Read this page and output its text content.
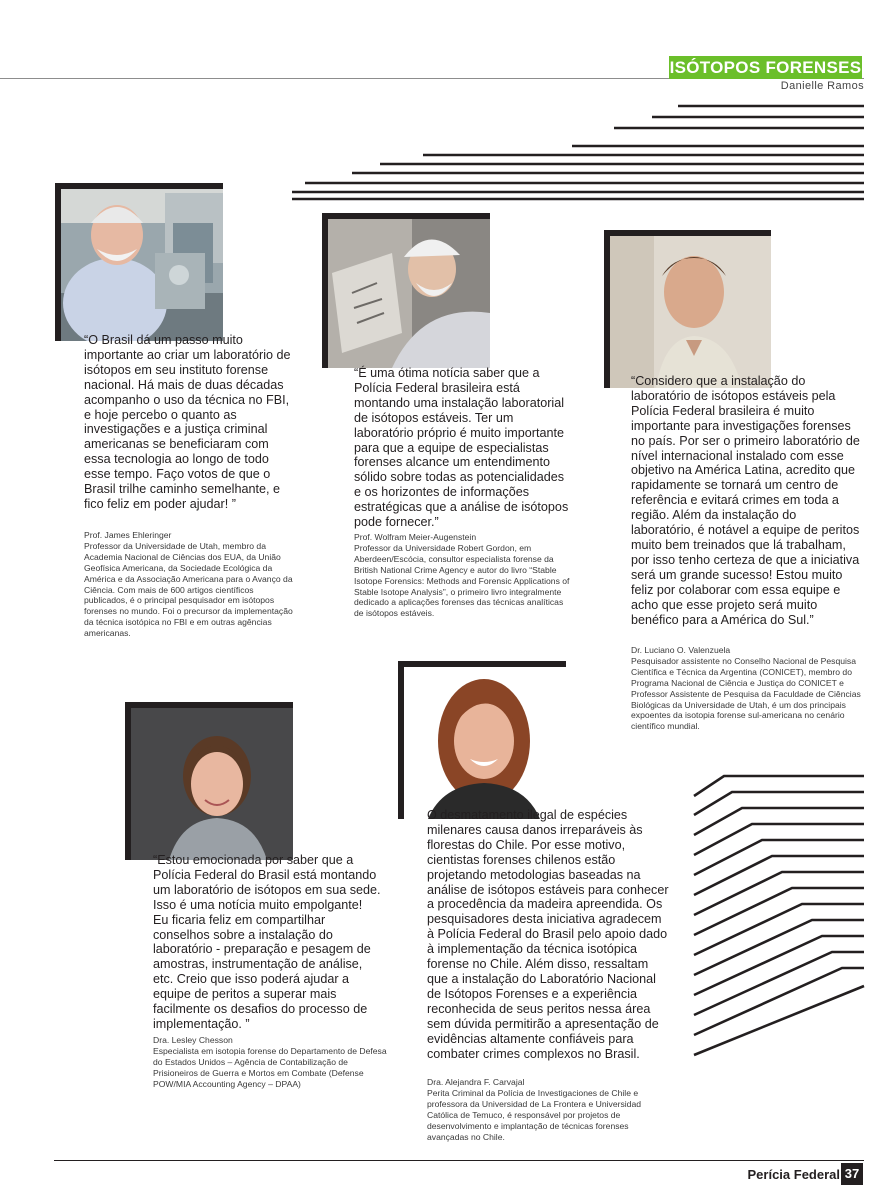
ISÓTOPOS FORENSES
Danielle Ramos

“O Brasil dá um passo muito importante ao criar um laboratório de isótopos em seu instituto forense nacional. Há mais de duas décadas acompanho o uso da técnica no FBI, e hoje percebo o quanto as investigações e a justiça criminal americanas se beneficiaram com essa tecnologia ao longo de todo esse tempo. Faço votos de que o Brasil trilhe caminho semelhante, e fico feliz em poder ajudar! ”

Prof. James Ehleringer
Professor da Universidade de Utah, membro da Academia Nacional de Ciências dos EUA, da União Geofísica Americana, da Sociedade Ecológica da América e da Associação Americana para o Avanço da Ciência. Com mais de 600 artigos científicos publicados, é o principal pesquisador em isótopos forenses no mundo. Foi o precursor da implementação da técnica isotópica no FBI e em outras agências americanas.

“É uma ótima notícia saber que a Polícia Federal brasileira está montando uma instalação laboratorial de isótopos estáveis. Ter um laboratório próprio é muito importante para que a equipe de especialistas forenses alcance um entendimento sólido sobre todas as potencialidades e os horizontes de informações estratégicas que a análise de isótopos pode fornecer.”

Prof. Wolfram Meier-Augenstein
Professor da Universidade Robert Gordon, em Aberdeen/Escócia, consultor especialista forense da British National Crime Agency e autor do livro “Stable Isotope Forensics: Methods and Forensic Applications of Stable Isotope Analysis”, o primeiro livro integralmente dedicado a aplicações forenses das técnicas analíticas de isótopos estáveis.

“Considero que a instalação do laboratório de isótopos estáveis pela Polícia Federal brasileira é muito importante para investigações forenses no país. Por ser o primeiro laboratório de nível internacional instalado com esse objetivo na América Latina, acredito que rapidamente se tornará um centro de referência e evitará crimes em toda a região. Além da instalação do laboratório, é notável a equipe de peritos muito bem treinados que lá trabalham, por isso tenho certeza de que a iniciativa será um grande sucesso! Estou muito feliz por colaborar com essa equipe e acho que esse projeto será muito benéfico para a América do Sul.”

Dr. Luciano O. Valenzuela
Pesquisador assistente no Conselho Nacional de Pesquisa Científica e Técnica da Argentina (CONICET), membro do Programa Nacional de Ciência e Justiça do CONICET e Professor Assistente de Pesquisa da Faculdade de Ciências Biológicas da Universidade de Utah, é um dos principais expoentes da isotopia forense sul-americana no cenário científico mundial.

“Estou emocionada por saber que a Polícia Federal do Brasil está montando um laboratório de isótopos em sua sede. Isso é uma notícia muito empolgante! Eu ficaria feliz em compartilhar conselhos sobre a instalação do laboratório - preparação e pesagem de amostras, instrumentação de análise, etc. Creio que isso poderá ajudar a equipe de peritos a superar mais facilmente os desafios do processo de implementação. ”

Dra. Lesley Chesson
Especialista em isotopia forense do Departamento de Defesa do Estados Unidos – Agência de Contabilização de Prisioneiros de Guerra e Mortos em Combate (Defense POW/MIA Accounting Agency – DPAA)

O desmatamento ilegal de espécies milenares causa danos irreparáveis às florestas do Chile. Por esse motivo, cientistas forenses chilenos estão projetando metodologias baseadas na análise de isótopos estáveis para conhecer a procedência da madeira apreendida. Os pesquisadores desta iniciativa agradecem à Polícia Federal do Brasil pelo apoio dado à implementação da técnica isotópica forense no Chile. Além disso, ressaltam que a instalação do Laboratório Nacional de Isótopos Forenses e a experiência reconhecida de seus peritos nessa área sem dúvida permitirão a apresentação de evidências altamente confiáveis para combater crimes complexos no Brasil.

Dra. Alejandra F. Carvajal
Perita Criminal da Polícia de Investigaciones de Chile e professora da Universidad de La Frontera e Universidad Católica de Temuco, é responsável por projetos de desenvolvimento e implantação de técnicas forenses avançadas no Chile.
Perícia Federal 37
